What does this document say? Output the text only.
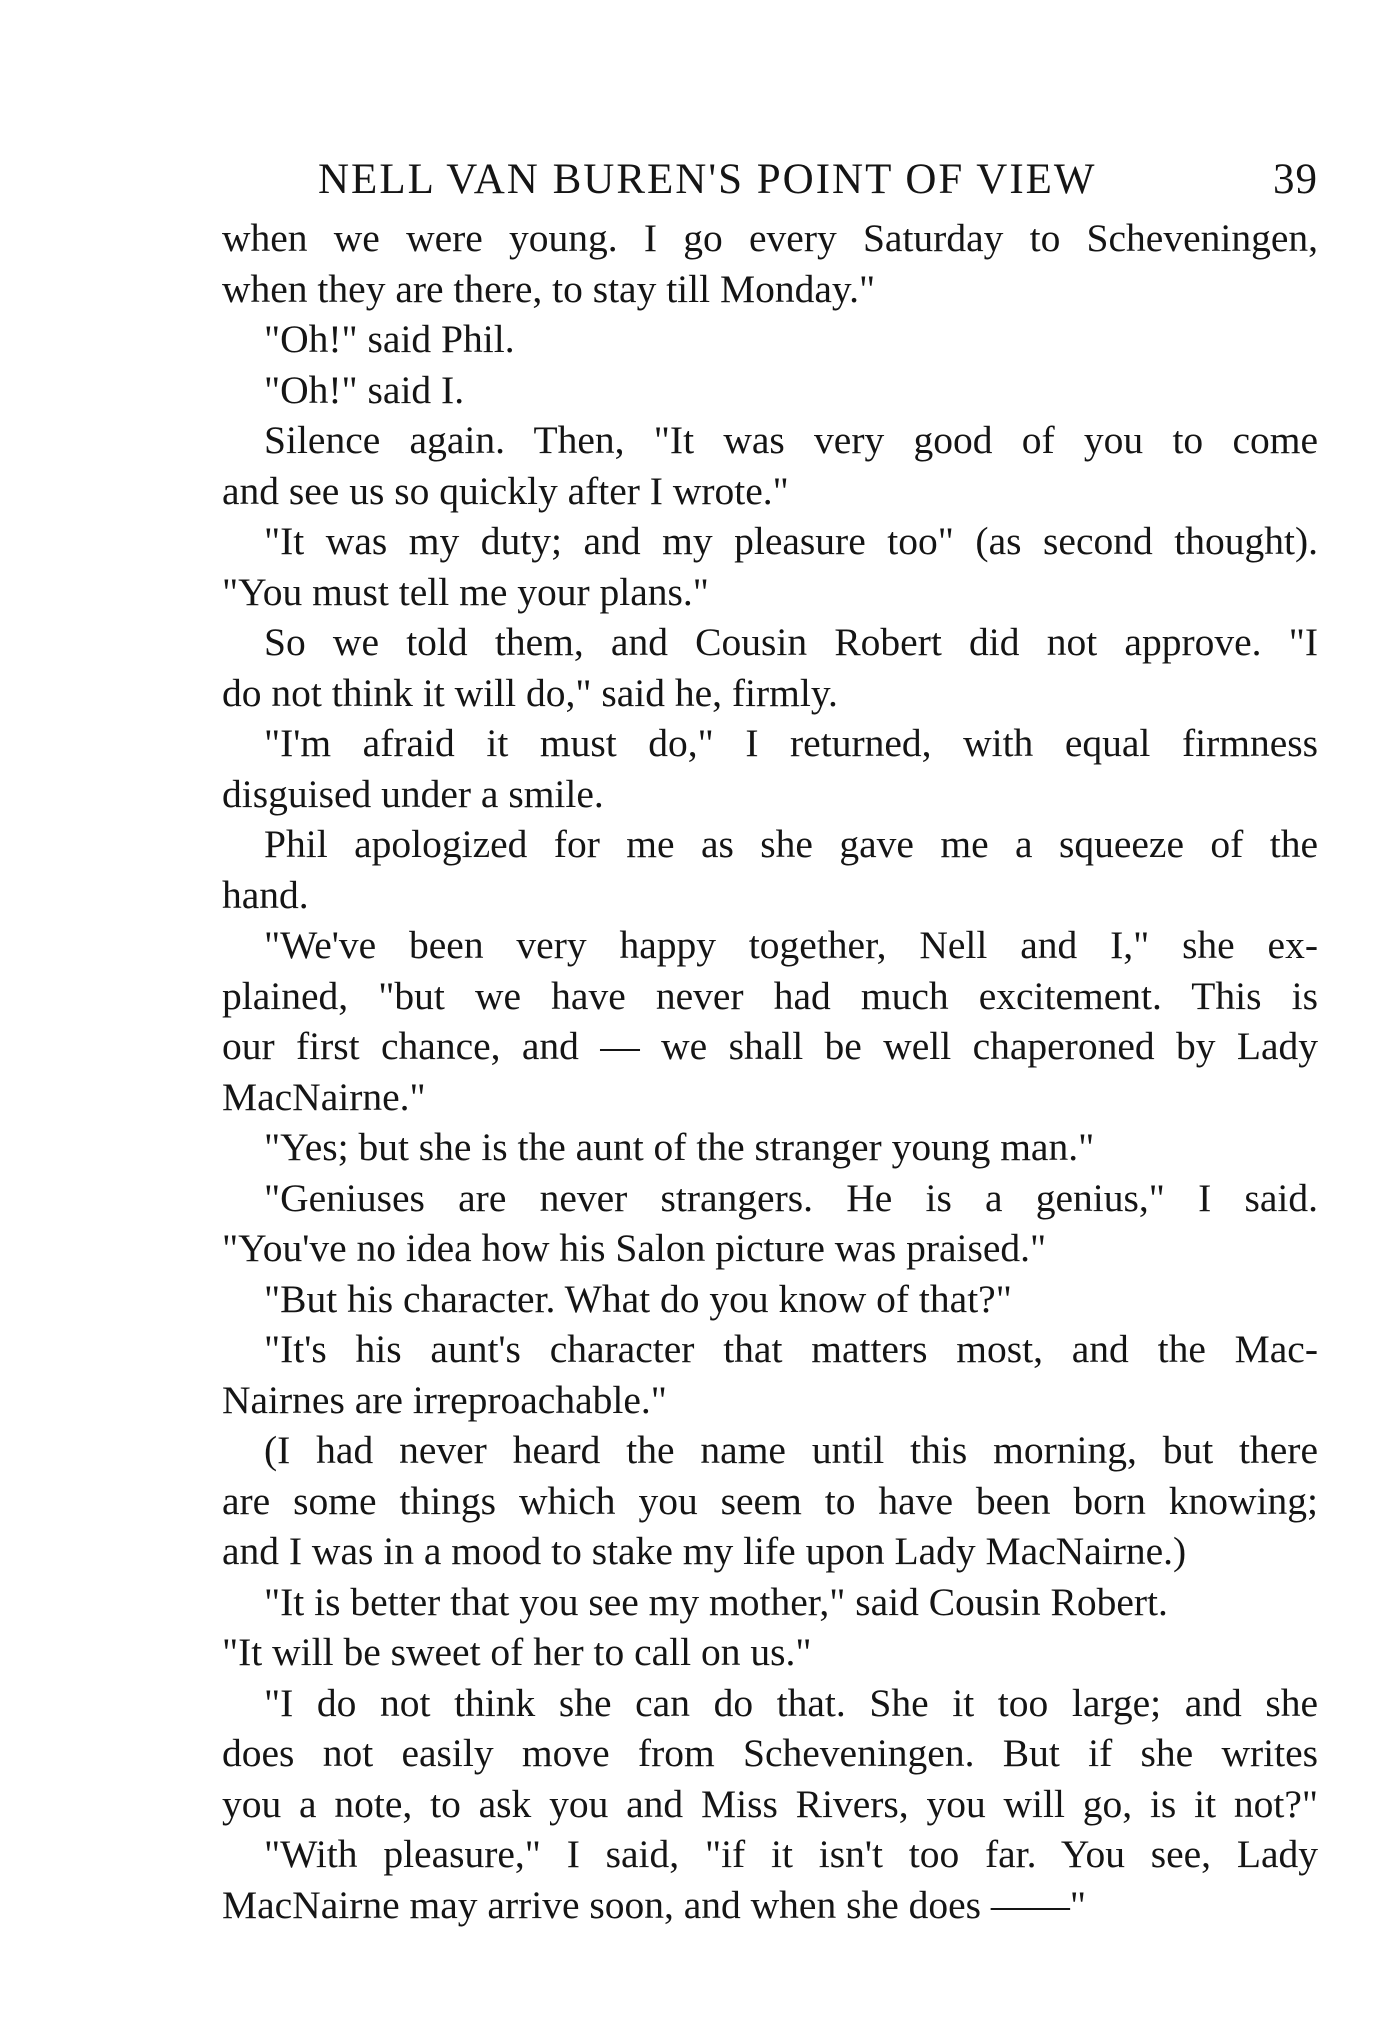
NELL VAN BUREN'S POINT OF VIEW	39
when we were young. I go every Saturday to Scheveningen,
when they are there, to stay till Monday."
"Oh!" said Phil.
"Oh!" said I.
Silence again. Then, "It was very good of you to come
and see us so quickly after I wrote."
"It was my duty; and my pleasure too" (as second thought).
"You must tell me your plans."
So we told them, and Cousin Robert did not approve. "I
do not think it will do," said he, firmly.
"I'm afraid it must do," I returned, with equal firmness
disguised under a smile.
Phil apologized for me as she gave me a squeeze of the
hand.
"We've been very happy together, Nell and I," she ex-
plained, "but we have never had much excitement. This is
our first chance, and — we shall be well chaperoned by Lady
MacNairne."
"Yes; but she is the aunt of the stranger young man."
"Geniuses are never strangers. He is a genius," I said.
"You've no idea how his Salon picture was praised."
"But his character. What do you know of that?"
"It's his aunt's character that matters most, and the Mac-
Nairnes are irreproachable."
(I had never heard the name until this morning, but there
are some things which you seem to have been born knowing;
and I was in a mood to stake my life upon Lady MacNairne.)
"It is better that you see my mother," said Cousin Robert.
"It will be sweet of her to call on us."
"I do not think she can do that. She it too large; and she
does not easily move from Scheveningen. But if she writes
you a note, to ask you and Miss Rivers, you will go, is it not?"
"With pleasure," I said, "if it isn't too far. You see, Lady
MacNairne may arrive soon, and when she does ——"
